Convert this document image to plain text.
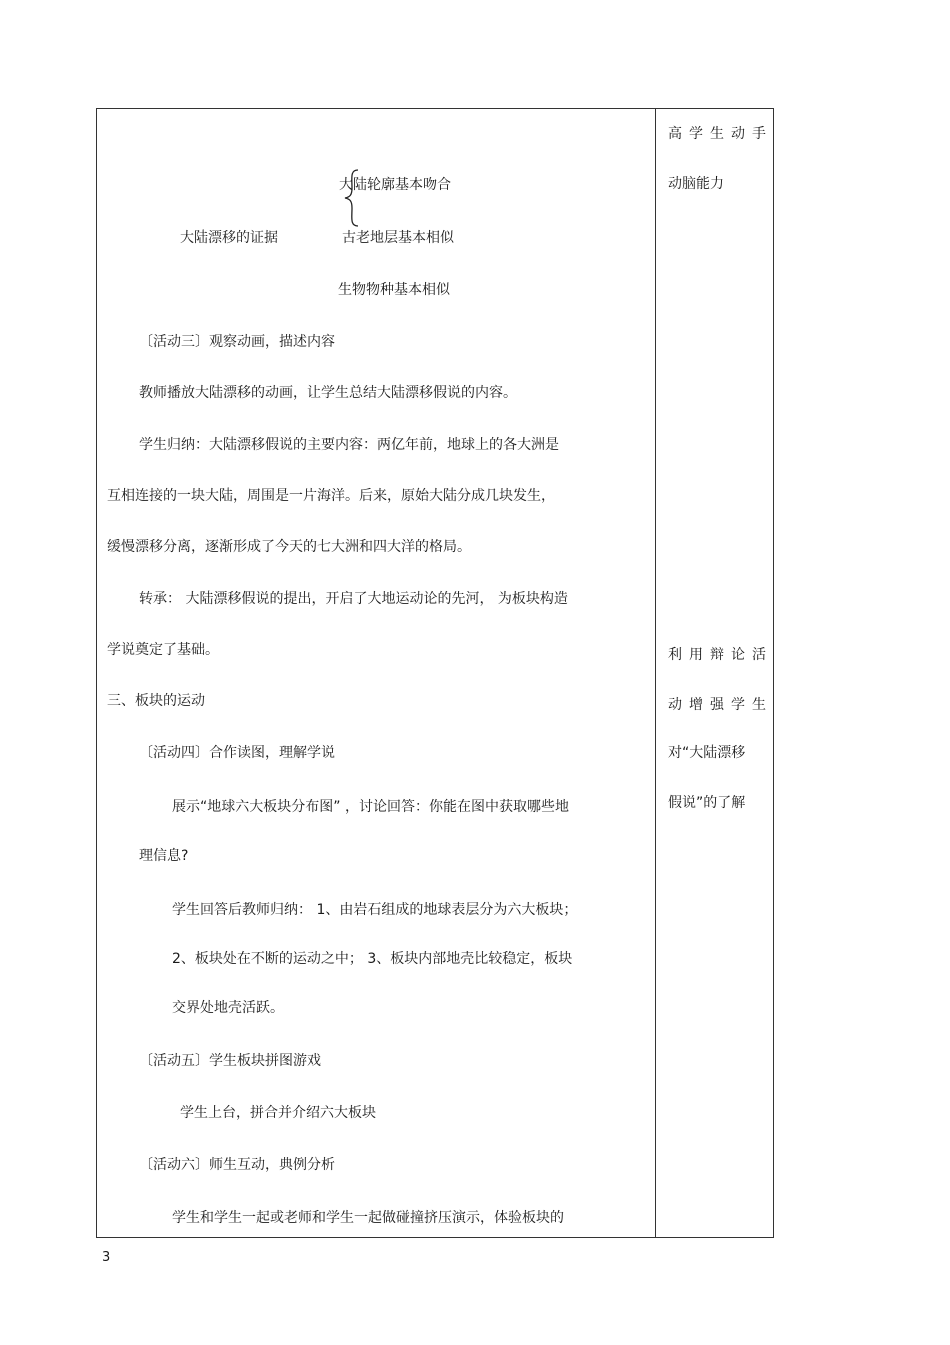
大陆轮廓基本吻合
大陆漂移的证据	古老地层基本相似
生物物种基本相似
〔活动三〕观察动画，描述内容
教师播放大陆漂移的动画，让学生总结大陆漂移假说的内容。
学生归纳：大陆漂移假说的主要内容：两亿年前，地球上的各大洲是
互相连接的一块大陆，周围是一片海洋。后来，原始大陆分成几块发生，
缓慢漂移分离，逐渐形成了今天的七大洲和四大洋的格局。
转承： 大陆漂移假说的提出，开启了大地运动论的先河， 为板块构造
学说奠定了基础。
三、板块的运动
〔活动四〕合作读图，理解学说
展示“地球六大板块分布图” ，讨论回答：你能在图中获取哪些地
理信息?
学生回答后教师归纳： 1、由岩石组成的地球表层分为六大板块；
2、板块处在不断的运动之中； 3、板块内部地壳比较稳定，板块
交界处地壳活跃。
〔活动五〕学生板块拼图游戏
学生上台，拼合并介绍六大板块
〔活动六〕师生互动，典例分析
学生和学生一起或老师和学生一起做碰撞挤压演示，体验板块的
高学生动手
动脑能力
利用辩论活
动增强学生
对“大陆漂移
假说”的了解
3
